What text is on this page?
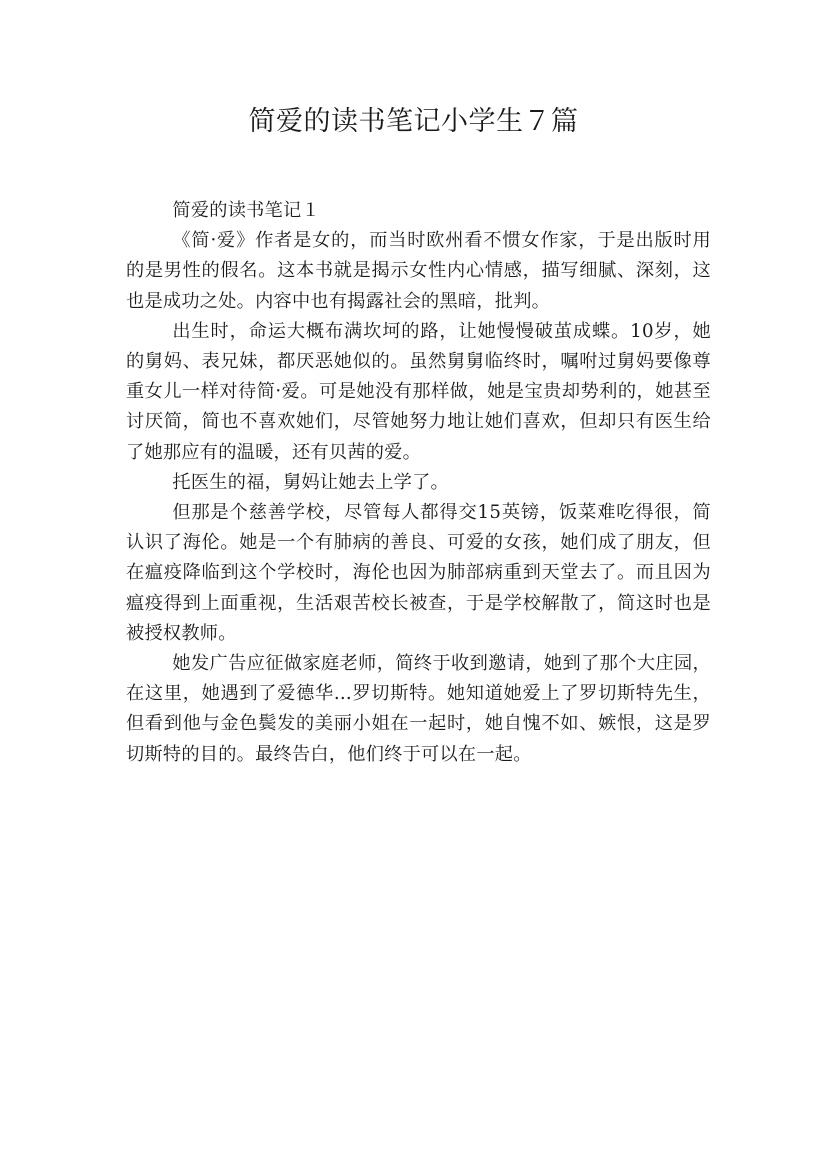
简爱的读书笔记小学生７篇

简爱的读书笔记１

《简·爱》作者是女的，而当时欧州看不惯女作家，于是出版时用的是男性的假名。这本书就是揭示女性内心情感，描写细腻、深刻，这也是成功之处。内容中也有揭露社会的黑暗，批判。

出生时，命运大概布满坎坷的路，让她慢慢破茧成蝶。10岁，她的舅妈、表兄妹，都厌恶她似的。虽然舅舅临终时，嘱咐过舅妈要像尊重女儿一样对待简·爱。可是她没有那样做，她是宝贵却势利的，她甚至讨厌简，简也不喜欢她们，尽管她努力地让她们喜欢，但却只有医生给了她那应有的温暖，还有贝茜的爱。

托医生的福，舅妈让她去上学了。

但那是个慈善学校，尽管每人都得交15英镑，饭菜难吃得很，简认识了海伦。她是一个有肺病的善良、可爱的女孩，她们成了朋友，但在瘟疫降临到这个学校时，海伦也因为肺部病重到天堂去了。而且因为瘟疫得到上面重视，生活艰苦校长被查，于是学校解散了，简这时也是被授权教师。

她发广告应征做家庭老师，简终于收到邀请，她到了那个大庄园，在这里，她遇到了爱德华...罗切斯特。她知道她爱上了罗切斯特先生，但看到他与金色鬓发的美丽小姐在一起时，她自愧不如、嫉恨，这是罗切斯特的目的。最终告白，他们终于可以在一起。
